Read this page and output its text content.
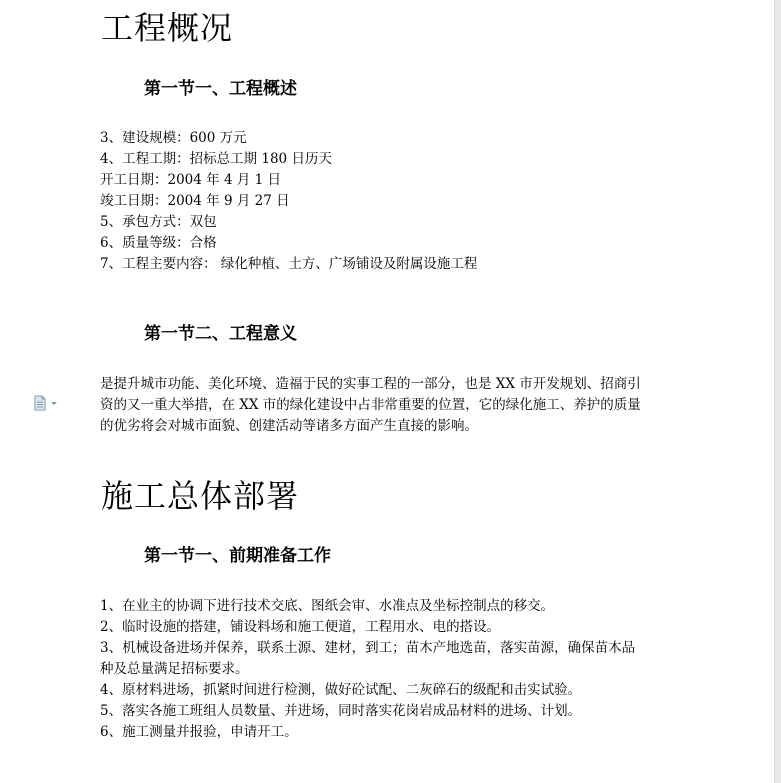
工程概况
第一节一、工程概述
3、建设规模：600 万元
4、工程工期：招标总工期 180 日历天
开工日期：2004 年 4 月 1 日
竣工日期：2004 年 9 月 27 日
5、承包方式：双包
6、质量等级：合格
7、工程主要内容： 绿化种植、土方、广场铺设及附属设施工程
第一节二、工程意义

是提升城市功能、美化环境、造福于民的实事工程的一部分，也是 XX 市开发规划、招商引
资的又一重大举措，在 XX 市的绿化建设中占非常重要的位置，它的绿化施工、养护的质量
的优劣将会对城市面貌、创建活动等诸多方面产生直接的影响。

施工总体部署
第一节一、前期准备工作
1、在业主的协调下进行技术交底、图纸会审、水准点及坐标控制点的移交。
2、临时设施的搭建，铺设料场和施工便道，工程用水、电的搭设。
3、机械设备进场并保养，联系土源、建材，到工；苗木产地选苗，落实苗源，确保苗木品
种及总量满足招标要求。
4、原材料进场，抓紧时间进行检测，做好砼试配、二灰碎石的级配和击实试验。
5、落实各施工班组人员数量、并进场，同时落实花岗岩成品材料的进场、计划。
6、施工测量并报验，申请开工。
